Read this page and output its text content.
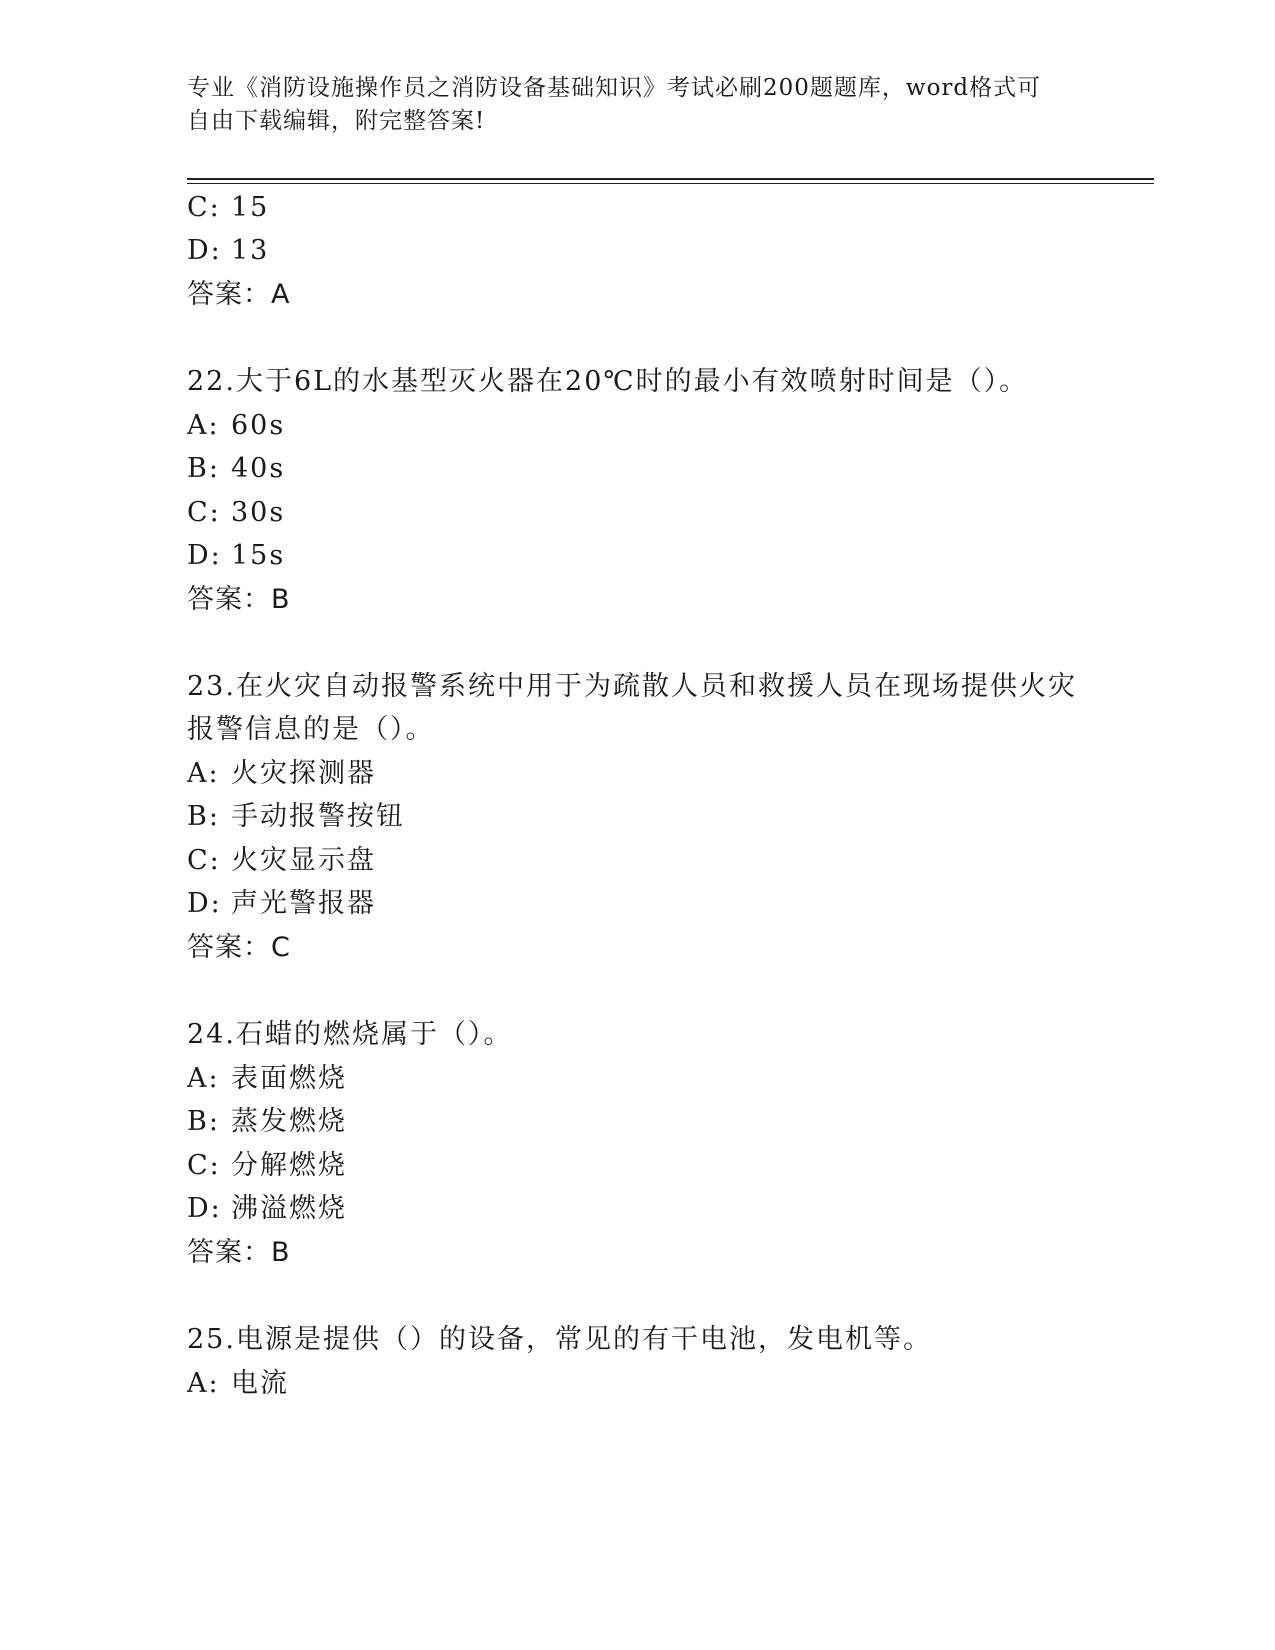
专业《消防设施操作员之消防设备基础知识》考试必刷200题题库，word格式可
自由下载编辑，附完整答案!
C: 15
D: 13
答案：A
22.大于6L的水基型灭火器在20℃时的最小有效喷射时间是（）。
A: 60s
B: 40s
C: 30s
D: 15s
答案：B
23.在火灾自动报警系统中用于为疏散人员和救援人员在现场提供火灾
报警信息的是（）。
A: 火灾探测器
B: 手动报警按钮
C: 火灾显示盘
D: 声光警报器
答案：C
24.石蜡的燃烧属于（）。
A: 表面燃烧
B: 蒸发燃烧
C: 分解燃烧
D: 沸溢燃烧
答案：B
25.电源是提供（）的设备，常见的有干电池，发电机等。
A: 电流
